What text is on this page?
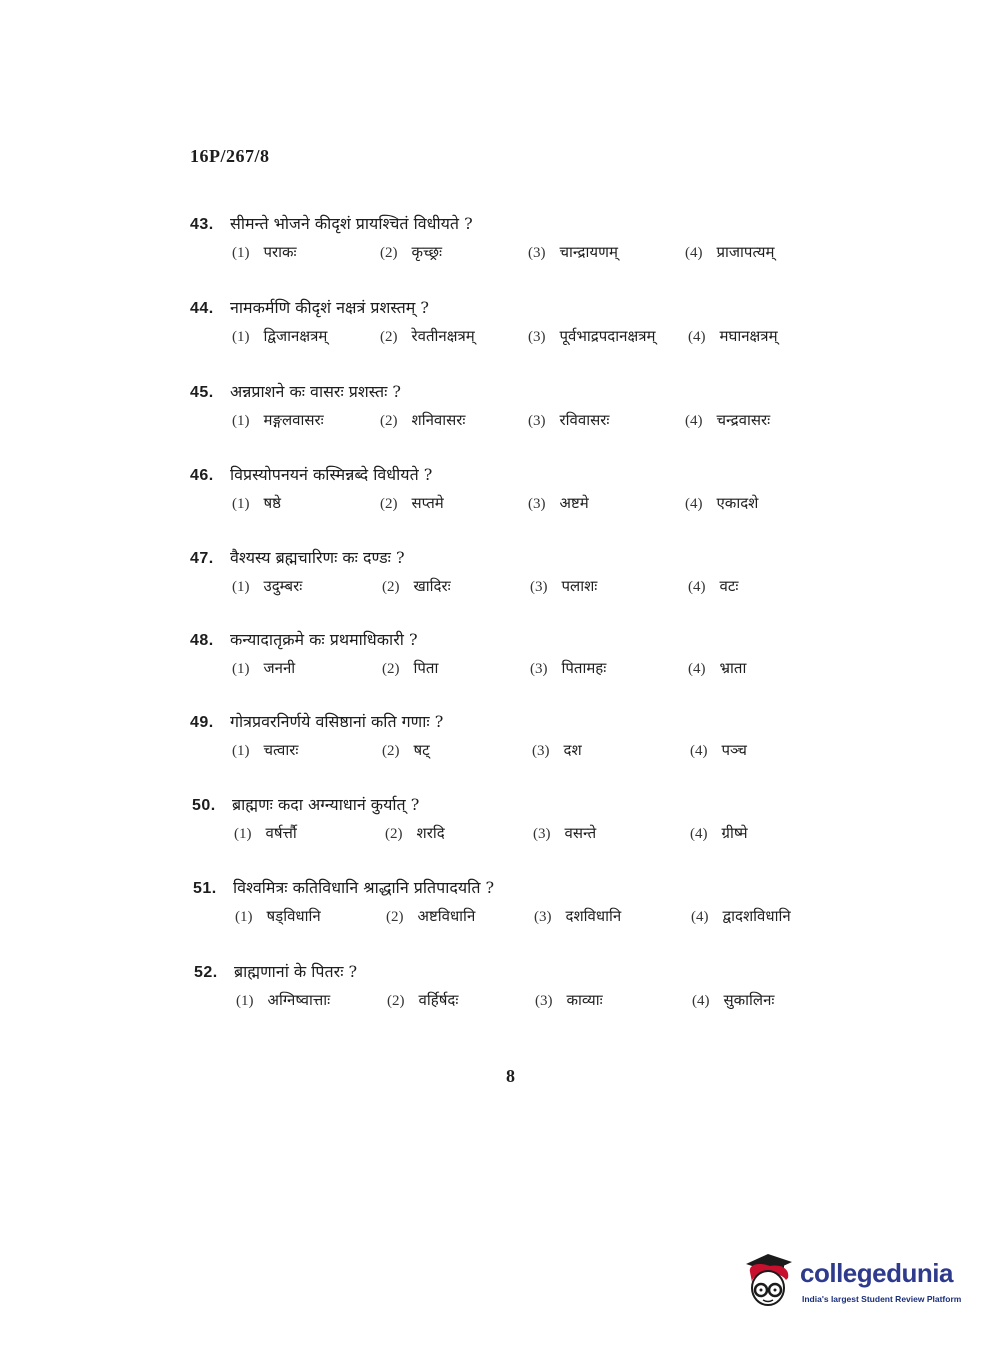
16P/267/8
43. सीमन्ते भोजने कीदृशं प्रायश्चितं विधीयते ?
(1) पराकः	(2) कृच्छ्रः	(3) चान्द्रायणम्	(4) प्राजापत्यम्
44. नामकर्मणि कीदृशं नक्षत्रं प्रशस्तम् ?
(1) द्विजानक्षत्रम्	(2) रेवतीनक्षत्रम्	(3) पूर्वभाद्रपदानक्षत्रम् (4) मघानक्षत्रम्
45. अन्नप्राशने कः वासरः प्रशस्तः ?
(1) मङ्गलवासरः	(2) शनिवासरः	(3) रविवासरः	(4) चन्द्रवासरः
46. विप्रस्योपनयनं कस्मिन्नब्दे विधीयते ?
(1) षष्ठे	(2) सप्तमे	(3) अष्टमे	(4) एकादशे
47. वैश्यस्य ब्रह्मचारिणः कः दण्डः ?
(1) उदुम्बरः	(2) खादिरः	(3) पलाशः	(4) वटः
48. कन्यादातृक्रमे कः प्रथमाधिकारी ?
(1) जननी	(2) पिता	(3) पितामहः	(4) भ्राता
49. गोत्रप्रवरनिर्णये वसिष्ठानां कति गणाः ?
(1) चत्वारः	(2) षट्	(3) दश	(4) पञ्च
50. ब्राह्मणः कदा अग्न्याधानं कुर्यात् ?
(1) वर्षर्त्तौ	(2) शरदि	(3) वसन्ते	(4) ग्रीष्मे
51. विश्वमित्रः कतिविधानि श्राद्धानि प्रतिपादयति ?
(1) षड्विधानि	(2) अष्टविधानि	(3) दशविधानि	(4) द्वादशविधानि
52. ब्राह्मणानां के पितरः ?
(1) अग्निष्वात्ताः	(2) वर्हिर्षदः	(3) काव्याः	(4) सुकालिनः
8
collegedunia
India's largest Student Review Platform
